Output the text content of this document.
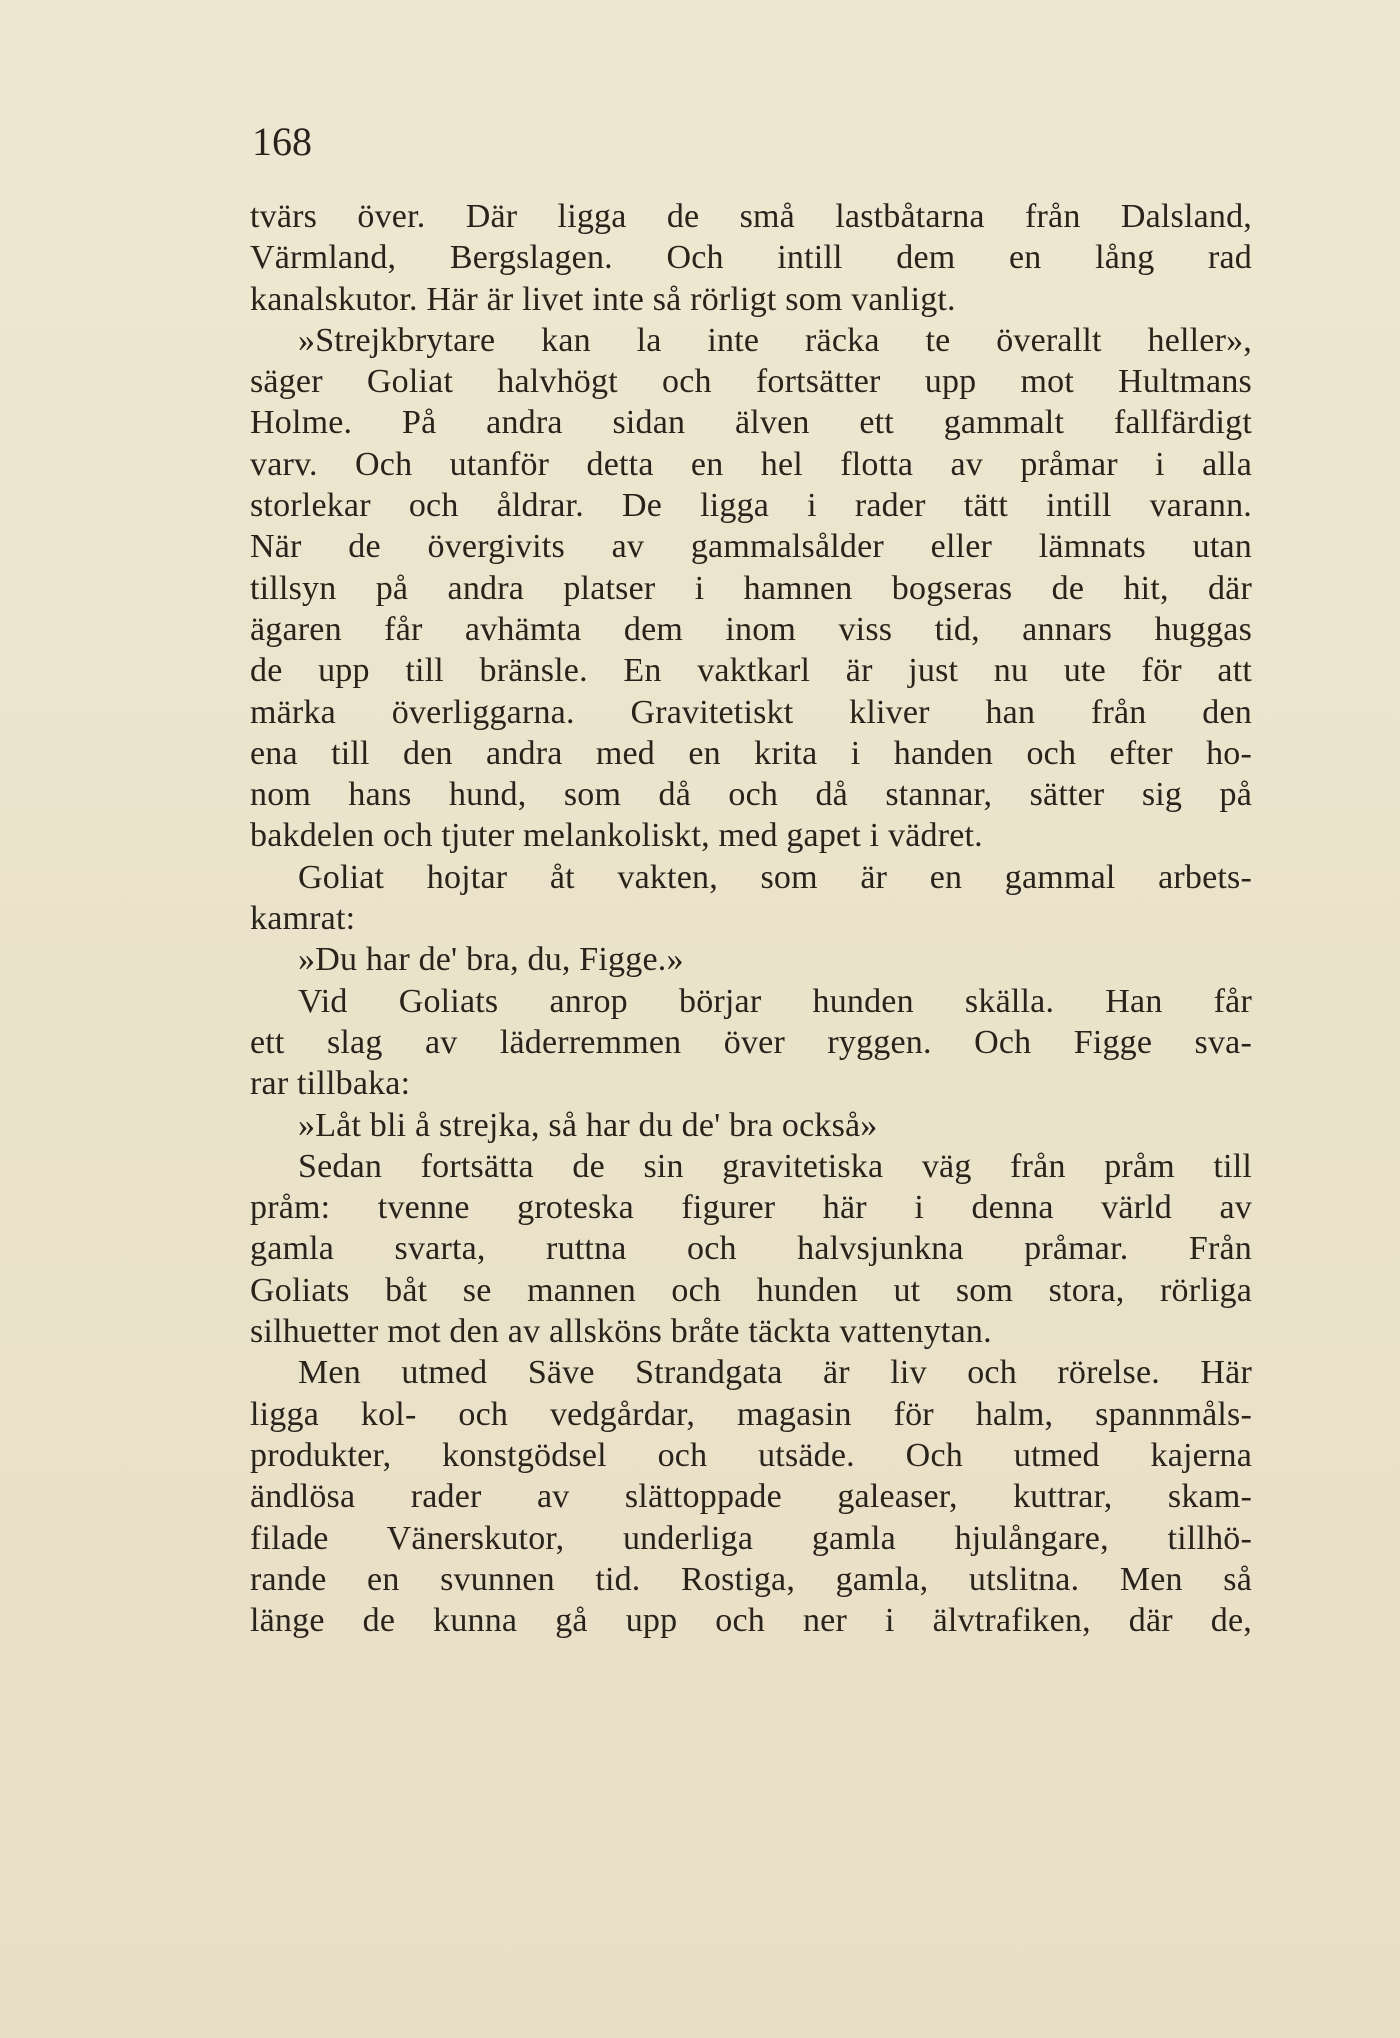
168
tvärs över. Där ligga de små lastbåtarna från Dalsland,
Värmland, Bergslagen. Och intill dem en lång rad
kanalskutor. Här är livet inte så rörligt som vanligt.
»Strejkbrytare kan la inte räcka te överallt heller»,
säger Goliat halvhögt och fortsätter upp mot Hultmans
Holme. På andra sidan älven ett gammalt fallfärdigt
varv. Och utanför detta en hel flotta av pråmar i alla
storlekar och åldrar. De ligga i rader tätt intill varann.
När de övergivits av gammalsålder eller lämnats utan
tillsyn på andra platser i hamnen bogseras de hit, där
ägaren får avhämta dem inom viss tid, annars huggas
de upp till bränsle. En vaktkarl är just nu ute för att
märka överliggarna. Gravitetiskt kliver han från den
ena till den andra med en krita i handen och efter ho-
nom hans hund, som då och då stannar, sätter sig på
bakdelen och tjuter melankoliskt, med gapet i vädret.
Goliat hojtar åt vakten, som är en gammal arbets-
kamrat:
»Du har de' bra, du, Figge.»
Vid Goliats anrop börjar hunden skälla. Han får
ett slag av läderremmen över ryggen. Och Figge sva-
rar tillbaka:
»Låt bli å strejka, så har du de' bra också»
Sedan fortsätta de sin gravitetiska väg från pråm till
pråm: tvenne groteska figurer här i denna värld av
gamla svarta, ruttna och halvsjunkna pråmar. Från
Goliats båt se mannen och hunden ut som stora, rörliga
silhuetter mot den av allsköns bråte täckta vattenytan.
Men utmed Säve Strandgata är liv och rörelse. Här
ligga kol- och vedgårdar, magasin för halm, spannmåls-
produkter, konstgödsel och utsäde. Och utmed kajerna
ändlösa rader av slättoppade galeaser, kuttrar, skam-
filade Vänerskutor, underliga gamla hjulångare, tillhö-
rande en svunnen tid. Rostiga, gamla, utslitna. Men så
länge de kunna gå upp och ner i älvtrafiken, där de,
